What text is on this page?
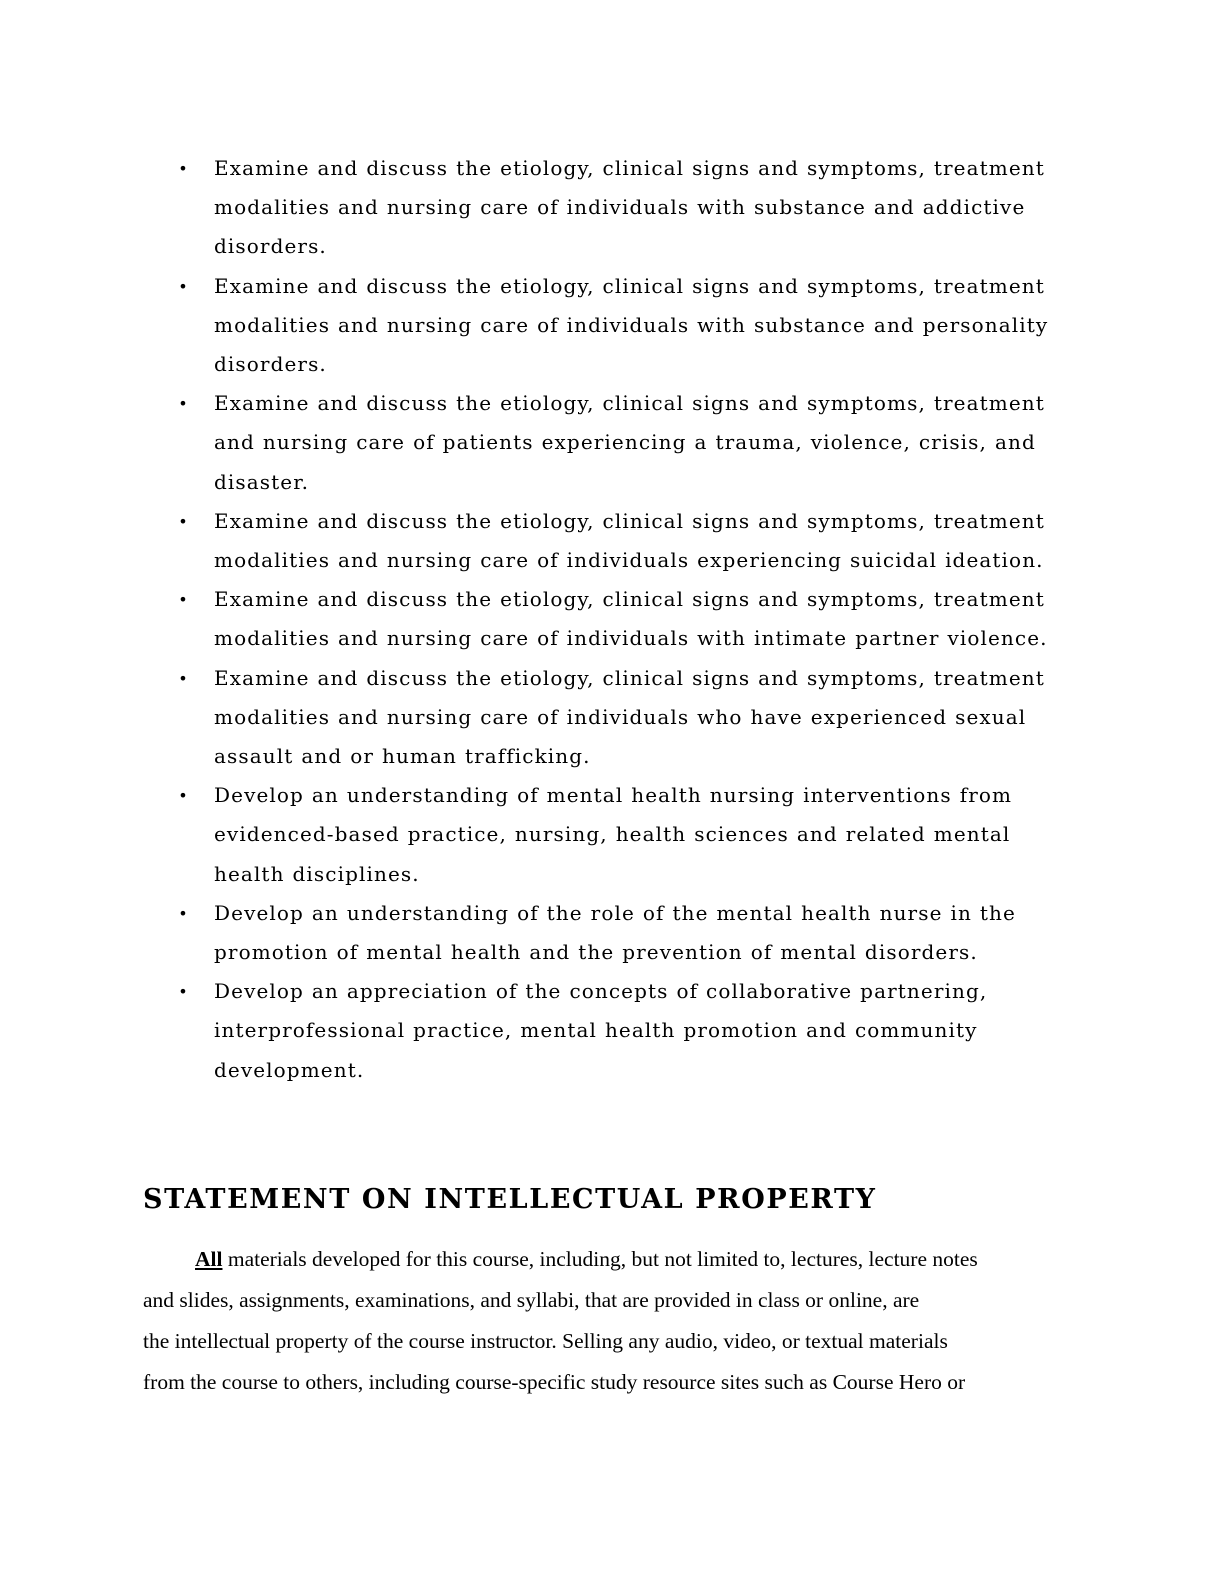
• Examine and discuss the etiology, clinical signs and symptoms, treatment
modalities and nursing care of individuals with substance and addictive
disorders.
• Examine and discuss the etiology, clinical signs and symptoms, treatment
modalities and nursing care of individuals with substance and personality
disorders.
• Examine and discuss the etiology, clinical signs and symptoms, treatment
and nursing care of patients experiencing a trauma, violence, crisis, and
disaster.
• Examine and discuss the etiology, clinical signs and symptoms, treatment
modalities and nursing care of individuals experiencing suicidal ideation.
• Examine and discuss the etiology, clinical signs and symptoms, treatment
modalities and nursing care of individuals with intimate partner violence.
• Examine and discuss the etiology, clinical signs and symptoms, treatment
modalities and nursing care of individuals who have experienced sexual
assault and or human trafficking.
• Develop an understanding of mental health nursing interventions from
evidenced-based practice, nursing, health sciences and related mental
health disciplines.
• Develop an understanding of the role of the mental health nurse in the
promotion of mental health and the prevention of mental disorders.
• Develop an appreciation of the concepts of collaborative partnering,
interprofessional practice, mental health promotion and community
development.
STATEMENT ON INTELLECTUAL PROPERTY
All materials developed for this course, including, but not limited to, lectures, lecture notes
and slides, assignments, examinations, and syllabi, that are provided in class or online, are
the intellectual property of the course instructor. Selling any audio, video, or textual materials
from the course to others, including course-specific study resource sites such as Course Hero or
